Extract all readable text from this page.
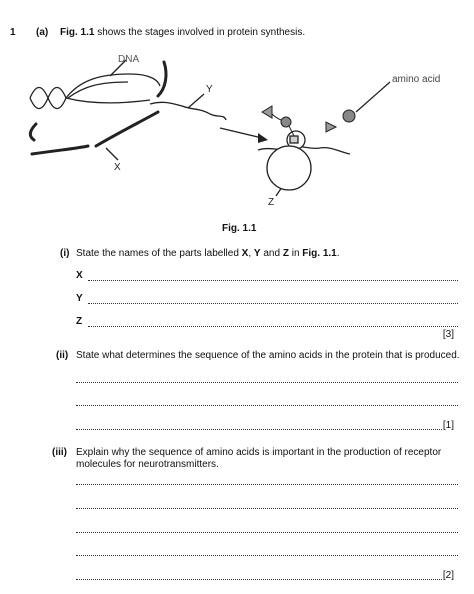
1 (a) Fig. 1.1 shows the stages involved in protein synthesis.
DNA
Y
amino acid
X
Z
Fig. 1.1
(i) State the names of the parts labelled X, Y and Z in Fig. 1.1.
X
Y
Z
[3]
(ii) State what determines the sequence of the amino acids in the protein that is produced.
[1]
(iii) Explain why the sequence of amino acids is important in the production of receptor molecules for neurotransmitters.
[2]
